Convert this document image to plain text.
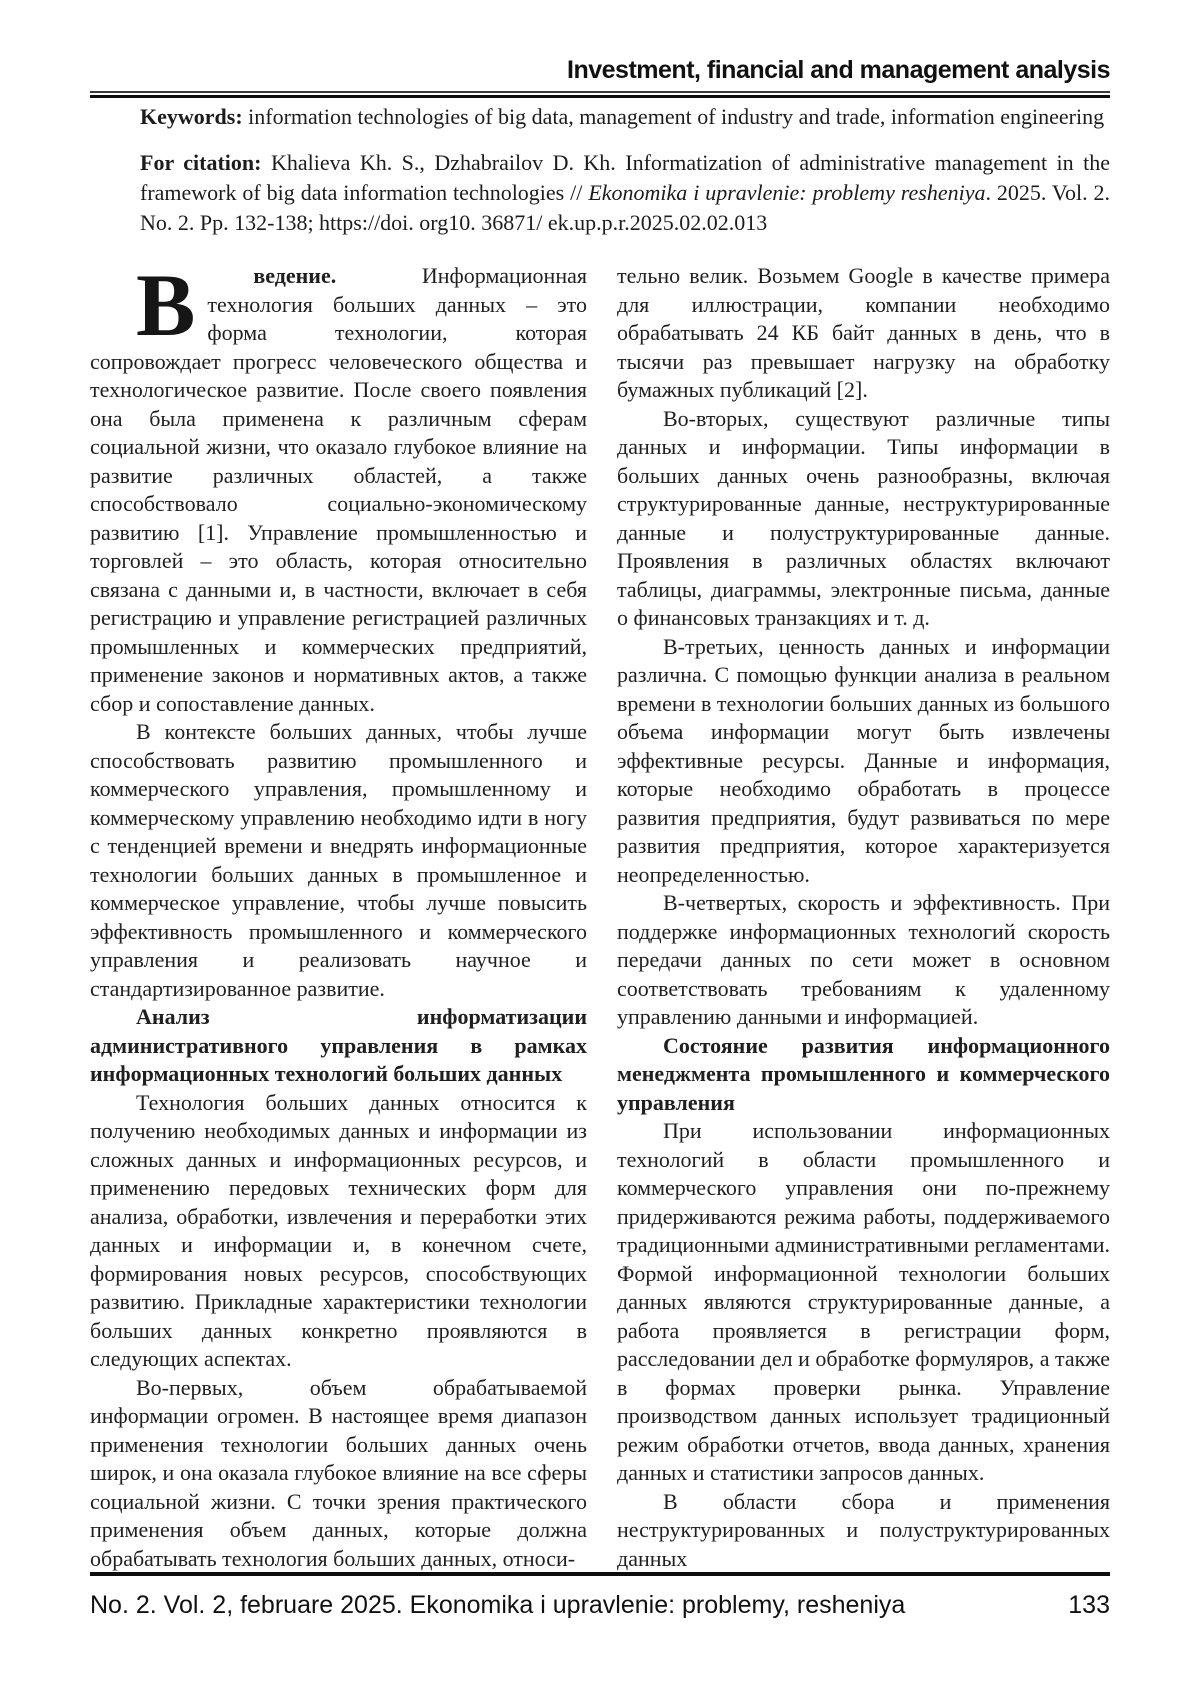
Investment, financial and management analysis

Keywords: information technologies of big data, management of industry and trade, information engineering

For citation: Khalieva Kh. S., Dzhabrailov D. Kh. Informatization of administrative management in the framework of big data information technologies // Ekonomika i upravlenie: problemy resheniya. 2025. Vol. 2. No. 2. Pp. 132-138; https://doi. org10. 36871/ ek.up.p.r.2025.02.02.013

В	ведение. Информационная технология больших данных – это форма технологии, которая сопровождает прогресс человеческого общества и технологическое развитие. После своего появления она была применена к различным сферам социальной жизни, что оказало глубокое влияние на развитие различных областей, а также способствовало социально-экономическому развитию [1]. Управление промышленностью и торговлей – это область, которая относительно связана с данными и, в частности, включает в себя регистрацию и управление регистрацией различных промышленных и коммерческих предприятий, применение законов и нормативных актов, а также сбор и сопоставление данных.

В контексте больших данных, чтобы лучше способствовать развитию промышленного и коммерческого управления, промышленному и коммерческому управлению необходимо идти в ногу с тенденцией времени и внедрять информационные технологии больших данных в промышленное и коммерческое управление, чтобы лучше повысить эффективность промышленного и коммерческого управления и реализовать научное и стандартизированное развитие.

Анализ информатизации административного управления в рамках информационных технологий больших данных

Технология больших данных относится к получению необходимых данных и информации из сложных данных и информационных ресурсов, и применению передовых технических форм для анализа, обработки, извлечения и переработки этих данных и информации и, в конечном счете, формирования новых ресурсов, способствующих развитию. Прикладные характеристики технологии больших данных конкретно проявляются в следующих аспектах.

Во-первых, объем обрабатываемой информации огромен. В настоящее время диапазон применения технологии больших данных очень широк, и она оказала глубокое влияние на все сферы социальной жизни. С точки зрения практического применения объем данных, которые должна обрабатывать технология больших данных, относи-

тельно велик. Возьмем Google в качестве примера для иллюстрации, компании необходимо обрабатывать 24 КБ байт данных в день, что в тысячи раз превышает нагрузку на обработку бумажных публикаций [2].

Во-вторых, существуют различные типы данных и информации. Типы информации в больших данных очень разнообразны, включая структурированные данные, неструктурированные данные и полуструктурированные данные. Проявления в различных областях включают таблицы, диаграммы, электронные письма, данные о финансовых транзакциях и т. д.

В-третьих, ценность данных и информации различна. С помощью функции анализа в реальном времени в технологии больших данных из большого объема информации могут быть извлечены эффективные ресурсы. Данные и информация, которые необходимо обработать в процессе развития предприятия, будут развиваться по мере развития предприятия, которое характеризуется неопределенностью.

В-четвертых, скорость и эффективность. При поддержке информационных технологий скорость передачи данных по сети может в основном соответствовать требованиям к удаленному управлению данными и информацией.

Состояние развития информационного менеджмента промышленного и коммерческого управления

При использовании информационных технологий в области промышленного и коммерческого управления они по-прежнему придерживаются режима работы, поддерживаемого традиционными административными регламентами. Формой информационной технологии больших данных являются структурированные данные, а работа проявляется в регистрации форм, расследовании дел и обработке формуляров, а также в формах проверки рынка. Управление производством данных использует традиционный режим обработки отчетов, ввода данных, хранения данных и статистики запросов данных.

В области сбора и применения неструктурированных и полуструктурированных данных

No. 2. Vol. 2, februare 2025. Ekonomika i upravlenie: problemy, resheniya	133
